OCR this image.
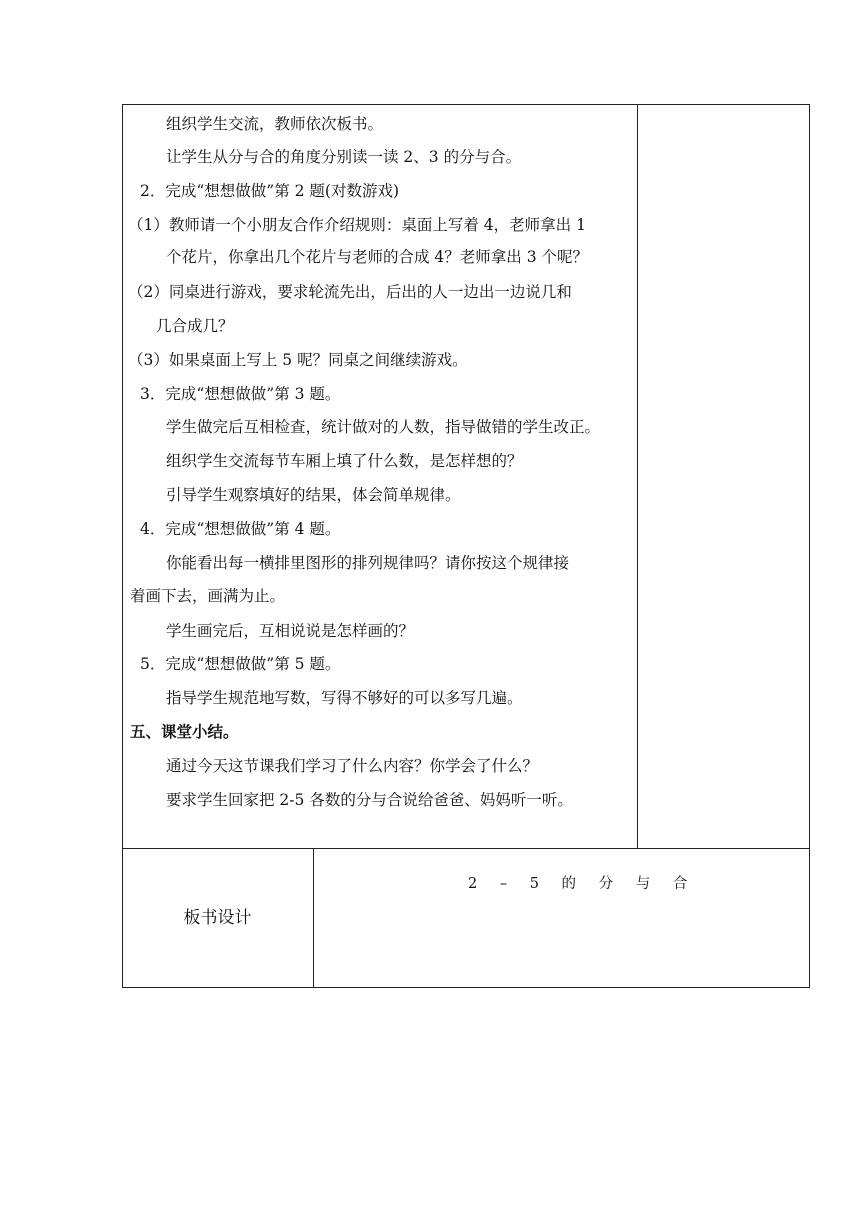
组织学生交流，教师依次板书。
让学生从分与合的角度分别读一读 2、3 的分与合。
2．完成“想想做做”第 2 题(对数游戏)
（1）教师请一个小朋友合作介绍规则：桌面上写着 4，老师拿出 1
个花片，你拿出几个花片与老师的合成 4？老师拿出 3 个呢？
（2）同桌进行游戏，要求轮流先出，后出的人一边出一边说几和
几合成几？
（3）如果桌面上写上 5 呢？同桌之间继续游戏。
3．完成“想想做做”第 3 题。
学生做完后互相检查，统计做对的人数，指导做错的学生改正。
组织学生交流每节车厢上填了什么数，是怎样想的？
引导学生观察填好的结果，体会简单规律。
4．完成“想想做做”第 4 题。
你能看出每一横排里图形的排列规律吗？请你按这个规律接
着画下去，画满为止。
学生画完后，互相说说是怎样画的？
5．完成“想想做做”第 5 题。
指导学生规范地写数，写得不够好的可以多写几遍。
五、课堂小结。
通过今天这节课我们学习了什么内容？你学会了什么？
要求学生回家把 2-5 各数的分与合说给爸爸、妈妈听一听。
板书设计
2 – 5 的 分 与 合
